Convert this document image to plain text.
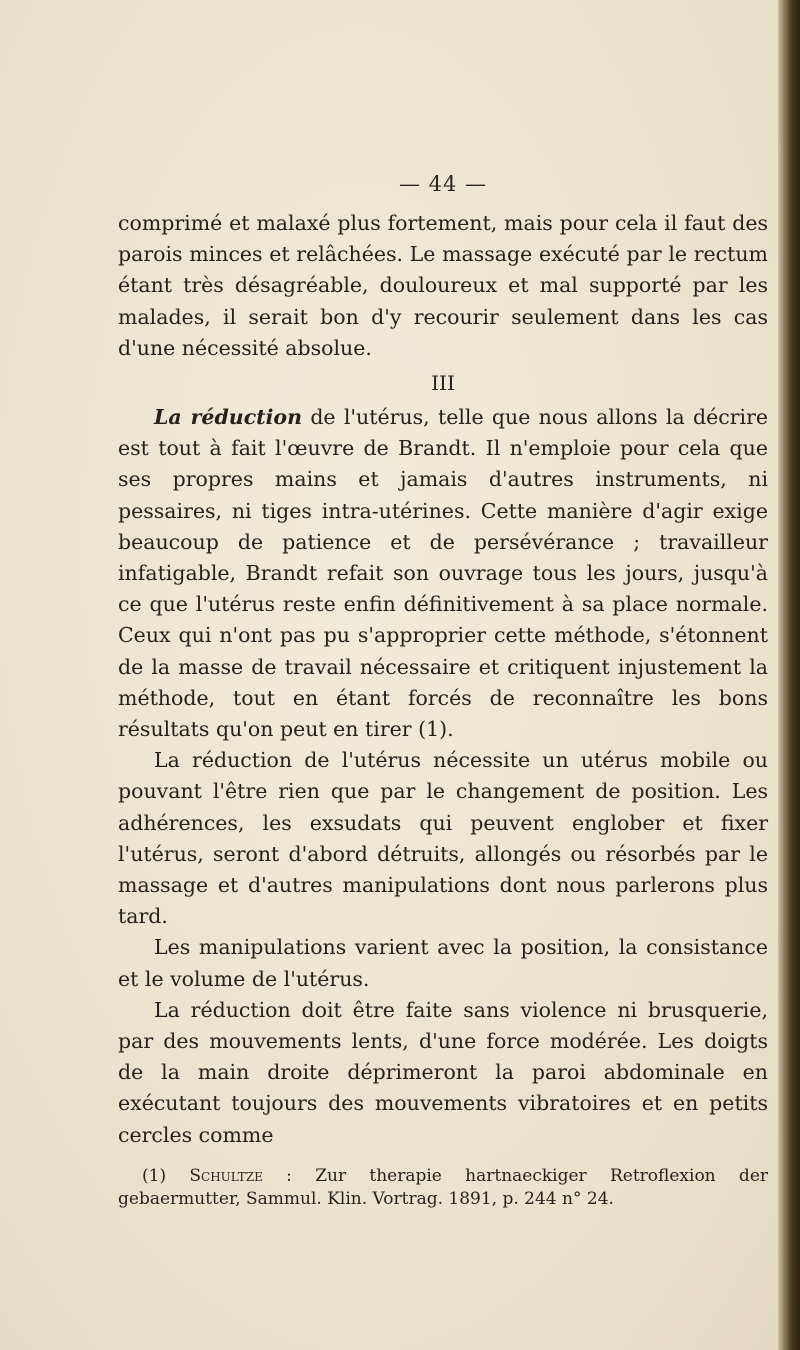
— 44 —

comprimé et malaxé plus fortement, mais pour cela il faut des parois minces et relâchées. Le massage exécuté par le rectum étant très désagréable, douloureux et mal supporté par les malades, il serait bon d'y recourir seulement dans les cas d'une nécessité absolue.

III

La réduction de l'utérus, telle que nous allons la décrire est tout à fait l'œuvre de Brandt. Il n'emploie pour cela que ses propres mains et jamais d'autres instruments, ni pessaires, ni tiges intra-utérines. Cette manière d'agir exige beaucoup de patience et de persévérance ; travailleur infatigable, Brandt refait son ouvrage tous les jours, jusqu'à ce que l'utérus reste enfin définitivement à sa place normale. Ceux qui n'ont pas pu s'approprier cette méthode, s'étonnent de la masse de travail nécessaire et critiquent injustement la méthode, tout en étant forcés de reconnaître les bons résultats qu'on peut en tirer (1).

La réduction de l'utérus nécessite un utérus mobile ou pouvant l'être rien que par le changement de position. Les adhérences, les exsudats qui peuvent englober et fixer l'utérus, seront d'abord détruits, allongés ou résorbés par le massage et d'autres manipulations dont nous parlerons plus tard.

Les manipulations varient avec la position, la consistance et le volume de l'utérus.

La réduction doit être faite sans violence ni brusquerie, par des mouvements lents, d'une force modérée. Les doigts de la main droite déprimeront la paroi abdominale en exécutant toujours des mouvements vibratoires et en petits cercles comme

(1) Schultze : Zur therapie hartnaeckiger Retroflexion der gebaermutter, Sammul. Klin. Vortrag. 1891, p. 244 n° 24.
